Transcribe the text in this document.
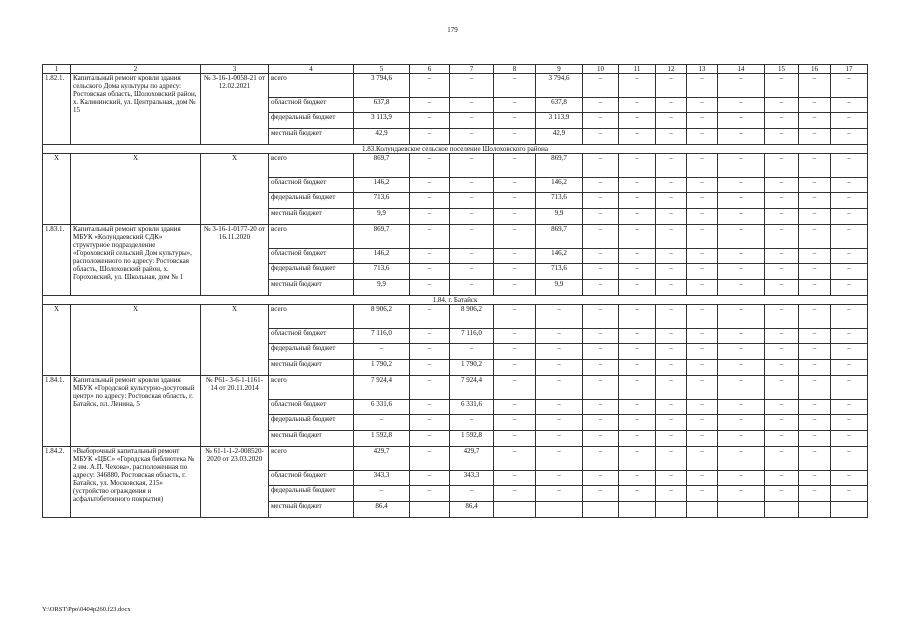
179
1	2	3	4	5	6	7	8	9	10	11	12	13	14	15	16	17
1.82.1.	Капитальный ремонт кровли здания сельского Дома культуры по адресу: Ростовская область, Шолоховский район, х. Калининский, ул. Центральная, дом № 15	№ 3-16-1-0058-21 от 12.02.2021	всего	3 794,6	–	–	–	3 794,6	–	–	–	–	–	–	–	–
			областной бюджет	637,8	–	–	–	637,8	–	–	–	–	–	–	–	–
			федеральный бюджет	3 113,9	–	–	–	3 113,9	–	–	–	–	–	–	–	–
			местный бюджет	42,9	–	–	–	42,9	–	–	–	–	–	–	–	–
1.83.Колундаевское сельское поселение Шолоховского района																
Х	Х	Х	всего	869,7	–	–	–	869,7	–	–	–	–	–	–	–	–
			областной бюджет	146,2	–	–	–	146,2	–	–	–	–	–	–	–	–
			федеральный бюджет	713,6	–	–	–	713,6	–	–	–	–	–	–	–	–
			местный бюджет	9,9	–	–	–	9,9	–	–	–	–	–	–	–	–
1.83.1.	Капитальный ремонт кровли здания МБУК «Колундаевский СДК» структурное подразделение «Гороховский сельский Дом культуры», расположенного по адресу: Ростовская область, Шолоховский район, х. Гороховский, ул. Школьная, дом № 1	№ 3-16-1-0177-20 от 16.11.2020	всего	869,7	–	–	–	869,7	–	–	–	–	–	–	–	–
			областной бюджет	146,2	–	–	–	146,2	–	–	–	–	–	–	–	–
			федеральный бюджет	713,6	–	–	–	713,6	–	–	–	–	–	–	–	–
			местный бюджет	9,9	–	–	–	9,9	–	–	–	–	–	–	–	–
1.84. г. Батайск																
Х	Х	Х	всего	8 906,2	–	8 906,2	–	–	–	–	–	–	–	–	–	–
			областной бюджет	7 116,0	–	7 116,0	–	–	–	–	–	–	–	–	–	–
			федеральный бюджет	–	–	–	–	–	–	–	–	–	–	–	–	–
			местный бюджет	1 790,2	–	1 790,2	–	–	–	–	–	–	–	–	–	–
1.84.1.	Капитальный ремонт кровли здания МБУК «Городской культурно-досуговый центр» по адресу: Ростовская область, г. Батайск, пл. Ленина, 5	№ Р61- 3-6-1-1161-14 от 20.11.2014	всего	7 924,4	–	7 924,4	–	–	–	–	–	–	–	–	–	–
			областной бюджет	6 331,6	–	6 331,6	–	–	–	–	–	–	–	–	–	–
			федеральный бюджет	–	–	–	–	–	–	–	–	–	–	–	–	–
			местный бюджет	1 592,8	–	1 592,8	–	–	–	–	–	–	–	–	–	–
1.84.2.	«Выборочный капитальный ремонт МБУК «ЦБС» «Городская библиотека № 2 им. А.П. Чехова», расположенная по адресу: 346880, Ростовская область, г. Батайск, ул. Московская, 215» (устройство ограждения и асфальтобетонного покрытия)	№ 61-1-1-2-008520-2020 от 23.03.2020	всего	429,7	–	429,7	–	–	–	–	–	–	–	–	–	–
			областной бюджет	343,3	–	343,3	–	–	–	–	–	–	–	–	–	–
			федеральный бюджет	–	–	–	–	–	–	–	–	–	–	–	–	–
			местный бюджет	86,4		86,4										
Y:\ORST\Ppo\0404p260.f23.docx
